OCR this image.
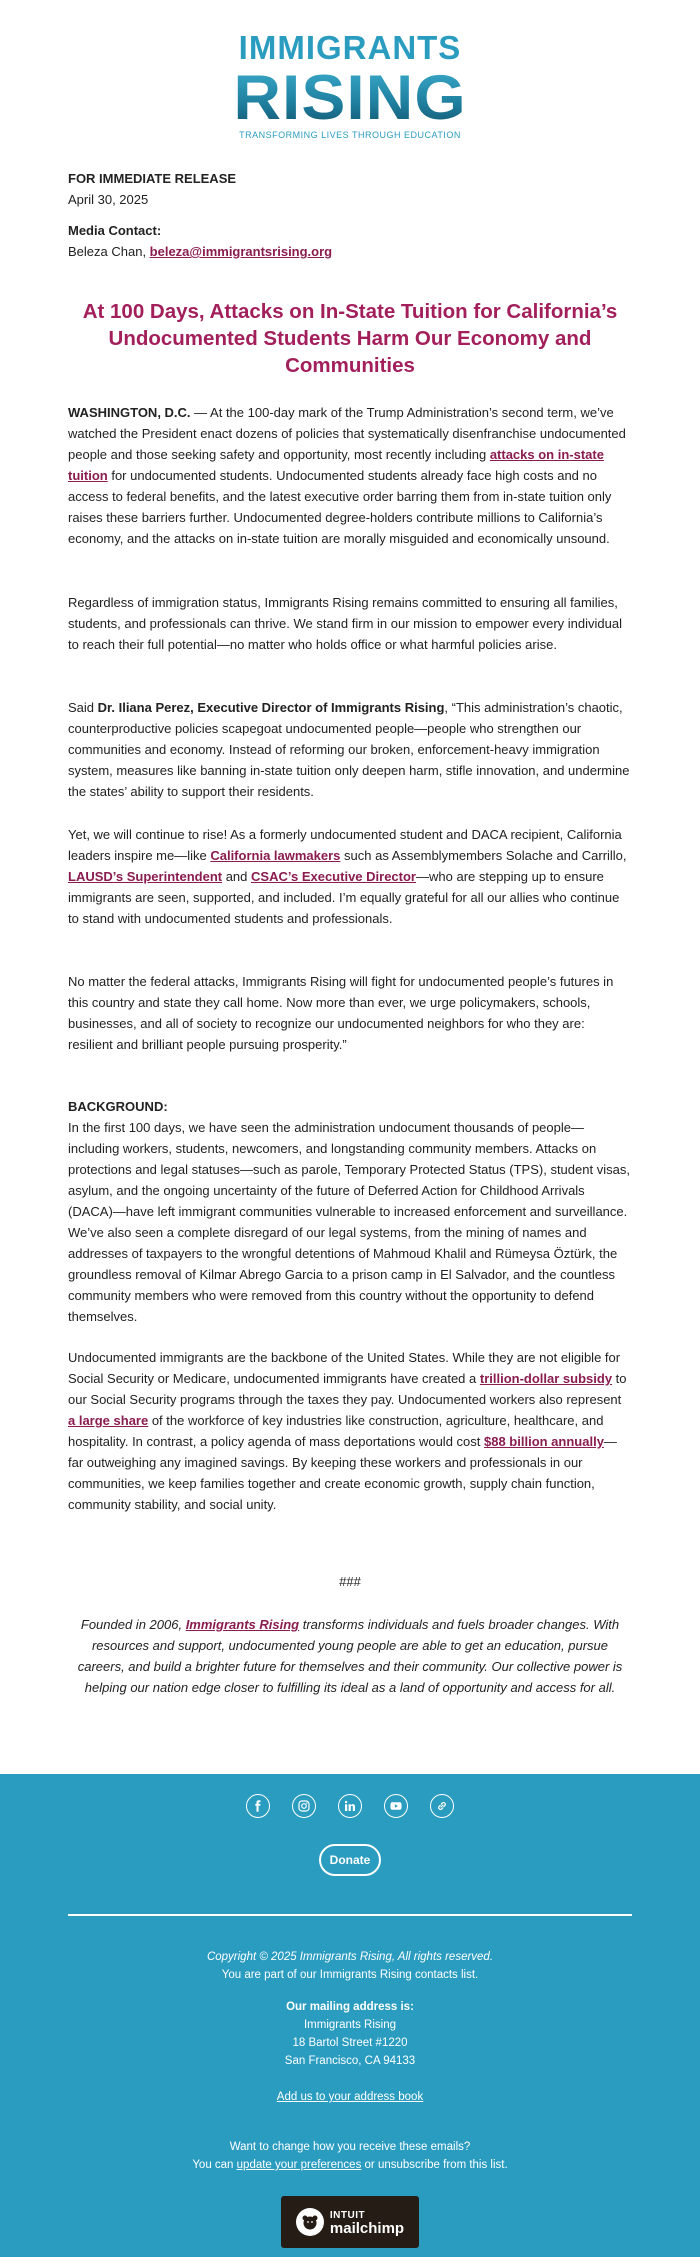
IMMIGRANTS
RISING
TRANSFORMING LIVES THROUGH EDUCATION

FOR IMMEDIATE RELEASE

April 30, 2025

Media Contact:

Beleza Chan, beleza@immigrantsrising.org

At 100 Days, Attacks on In-State Tuition for California’s Undocumented Students Harm Our Economy and Communities

WASHINGTON, D.C. — At the 100-day mark of the Trump Administration’s second term, we’ve watched the President enact dozens of policies that systematically disenfranchise undocumented people and those seeking safety and opportunity, most recently including attacks on in-state tuition for undocumented students. Undocumented students already face high costs and no access to federal benefits, and the latest executive order barring them from in-state tuition only raises these barriers further. Undocumented degree-holders contribute millions to California’s economy, and the attacks on in-state tuition are morally misguided and economically unsound.

Regardless of immigration status, Immigrants Rising remains committed to ensuring all families, students, and professionals can thrive. We stand firm in our mission to empower every individual to reach their full potential—no matter who holds office or what harmful policies arise.

Said Dr. Iliana Perez, Executive Director of Immigrants Rising, “This administration’s chaotic, counterproductive policies scapegoat undocumented people—people who strengthen our communities and economy. Instead of reforming our broken, enforcement-heavy immigration system, measures like banning in-state tuition only deepen harm, stifle innovation, and undermine the states’ ability to support their residents.

Yet, we will continue to rise! As a formerly undocumented student and DACA recipient, California leaders inspire me—like California lawmakers such as Assemblymembers Solache and Carrillo, LAUSD’s Superintendent and CSAC’s Executive Director—who are stepping up to ensure immigrants are seen, supported, and included. I’m equally grateful for all our allies who continue to stand with undocumented students and professionals.

No matter the federal attacks, Immigrants Rising will fight for undocumented people’s futures in this country and state they call home. Now more than ever, we urge policymakers, schools, businesses, and all of society to recognize our undocumented neighbors for who they are: resilient and brilliant people pursuing prosperity.”

BACKGROUND:

In the first 100 days, we have seen the administration undocument thousands of people—including workers, students, newcomers, and longstanding community members. Attacks on protections and legal statuses—such as parole, Temporary Protected Status (TPS), student visas, asylum, and the ongoing uncertainty of the future of Deferred Action for Childhood Arrivals (DACA)—have left immigrant communities vulnerable to increased enforcement and surveillance. We’ve also seen a complete disregard of our legal systems, from the mining of names and addresses of taxpayers to the wrongful detentions of Mahmoud Khalil and Rümeysa Öztürk, the groundless removal of Kilmar Abrego Garcia to a prison camp in El Salvador, and the countless community members who were removed from this country without the opportunity to defend themselves.

Undocumented immigrants are the backbone of the United States. While they are not eligible for Social Security or Medicare, undocumented immigrants have created a trillion-dollar subsidy to our Social Security programs through the taxes they pay. Undocumented workers also represent a large share of the workforce of key industries like construction, agriculture, healthcare, and hospitality. In contrast, a policy agenda of mass deportations would cost $88 billion annually—far outweighing any imagined savings. By keeping these workers and professionals in our communities, we keep families together and create economic growth, supply chain function, community stability, and social unity.

###
Founded in 2006, Immigrants Rising transforms individuals and fuels broader changes. With resources and support, undocumented young people are able to get an education, pursue careers, and build a brighter future for themselves and their community. Our collective power is helping our nation edge closer to fulfilling its ideal as a land of opportunity and access for all.
Donate

Copyright © 2025 Immigrants Rising, All rights reserved.

You are part of our Immigrants Rising contacts list.

Our mailing address is:

Immigrants Rising

18 Bartol Street #1220

San Francisco, CA 94133

Add us to your address book

Want to change how you receive these emails?

You can update your preferences or unsubscribe from this list.

INTUIT
mailchimp
